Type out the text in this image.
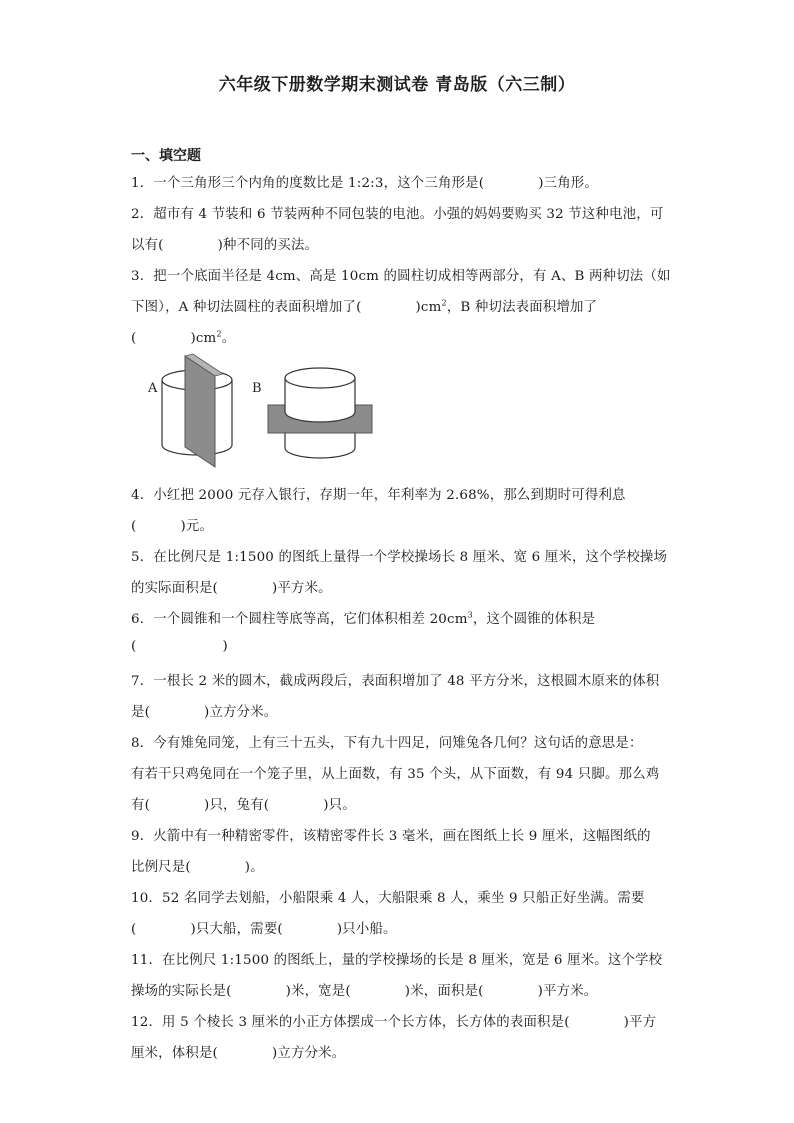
六年级下册数学期末测试卷 青岛版（六三制）
一、填空题
1．一个三角形三个内角的度数比是 1:2:3，这个三角形是(	)三角形。
2．超市有 4 节装和 6 节装两种不同包装的电池。小强的妈妈要购买 32 节这种电池，可
以有(	)种不同的买法。
3．把一个底面半径是 4cm、高是 10cm 的圆柱切成相等两部分，有 A、B 两种切法（如
下图），A 种切法圆柱的表面积增加了(	)$cm^2$，B 种切法表面积增加了
(	)$cm^2$。
A	B
4．小红把 2000 元存入银行，存期一年，年利率为 2.68%，那么到期时可得利息
(	)元。
5．在比例尺是 1:1500 的图纸上量得一个学校操场长 8 厘米、宽 6 厘米，这个学校操场
的实际面积是(	)平方米。
6．一个圆锥和一个圆柱等底等高，它们体积相差 $20cm^3$，这个圆锥的体积是
(	)
7．一根长 2 米的圆木，截成两段后，表面积增加了 48 平方分米，这根圆木原来的体积
是(	)立方分米。
8．今有雉兔同笼，上有三十五头，下有九十四足，问雉兔各几何？这句话的意思是：
有若干只鸡兔同在一个笼子里，从上面数，有 35 个头，从下面数，有 94 只脚。那么鸡
有(	)只，兔有(	)只。
9．火箭中有一种精密零件，该精密零件长 3 毫米，画在图纸上长 9 厘米，这幅图纸的
比例尺是(	)。
10．52 名同学去划船，小船限乘 4 人，大船限乘 8 人，乘坐 9 只船正好坐满。需要
(	)只大船，需要(	)只小船。
11．在比例尺 1:1500 的图纸上，量的学校操场的长是 8 厘米，宽是 6 厘米。这个学校
操场的实际长是(	)米，宽是(	)米，面积是(	)平方米。
12．用 5 个棱长 3 厘米的小正方体摆成一个长方体，长方体的表面积是(	)平方
厘米，体积是(	)立方分米。
